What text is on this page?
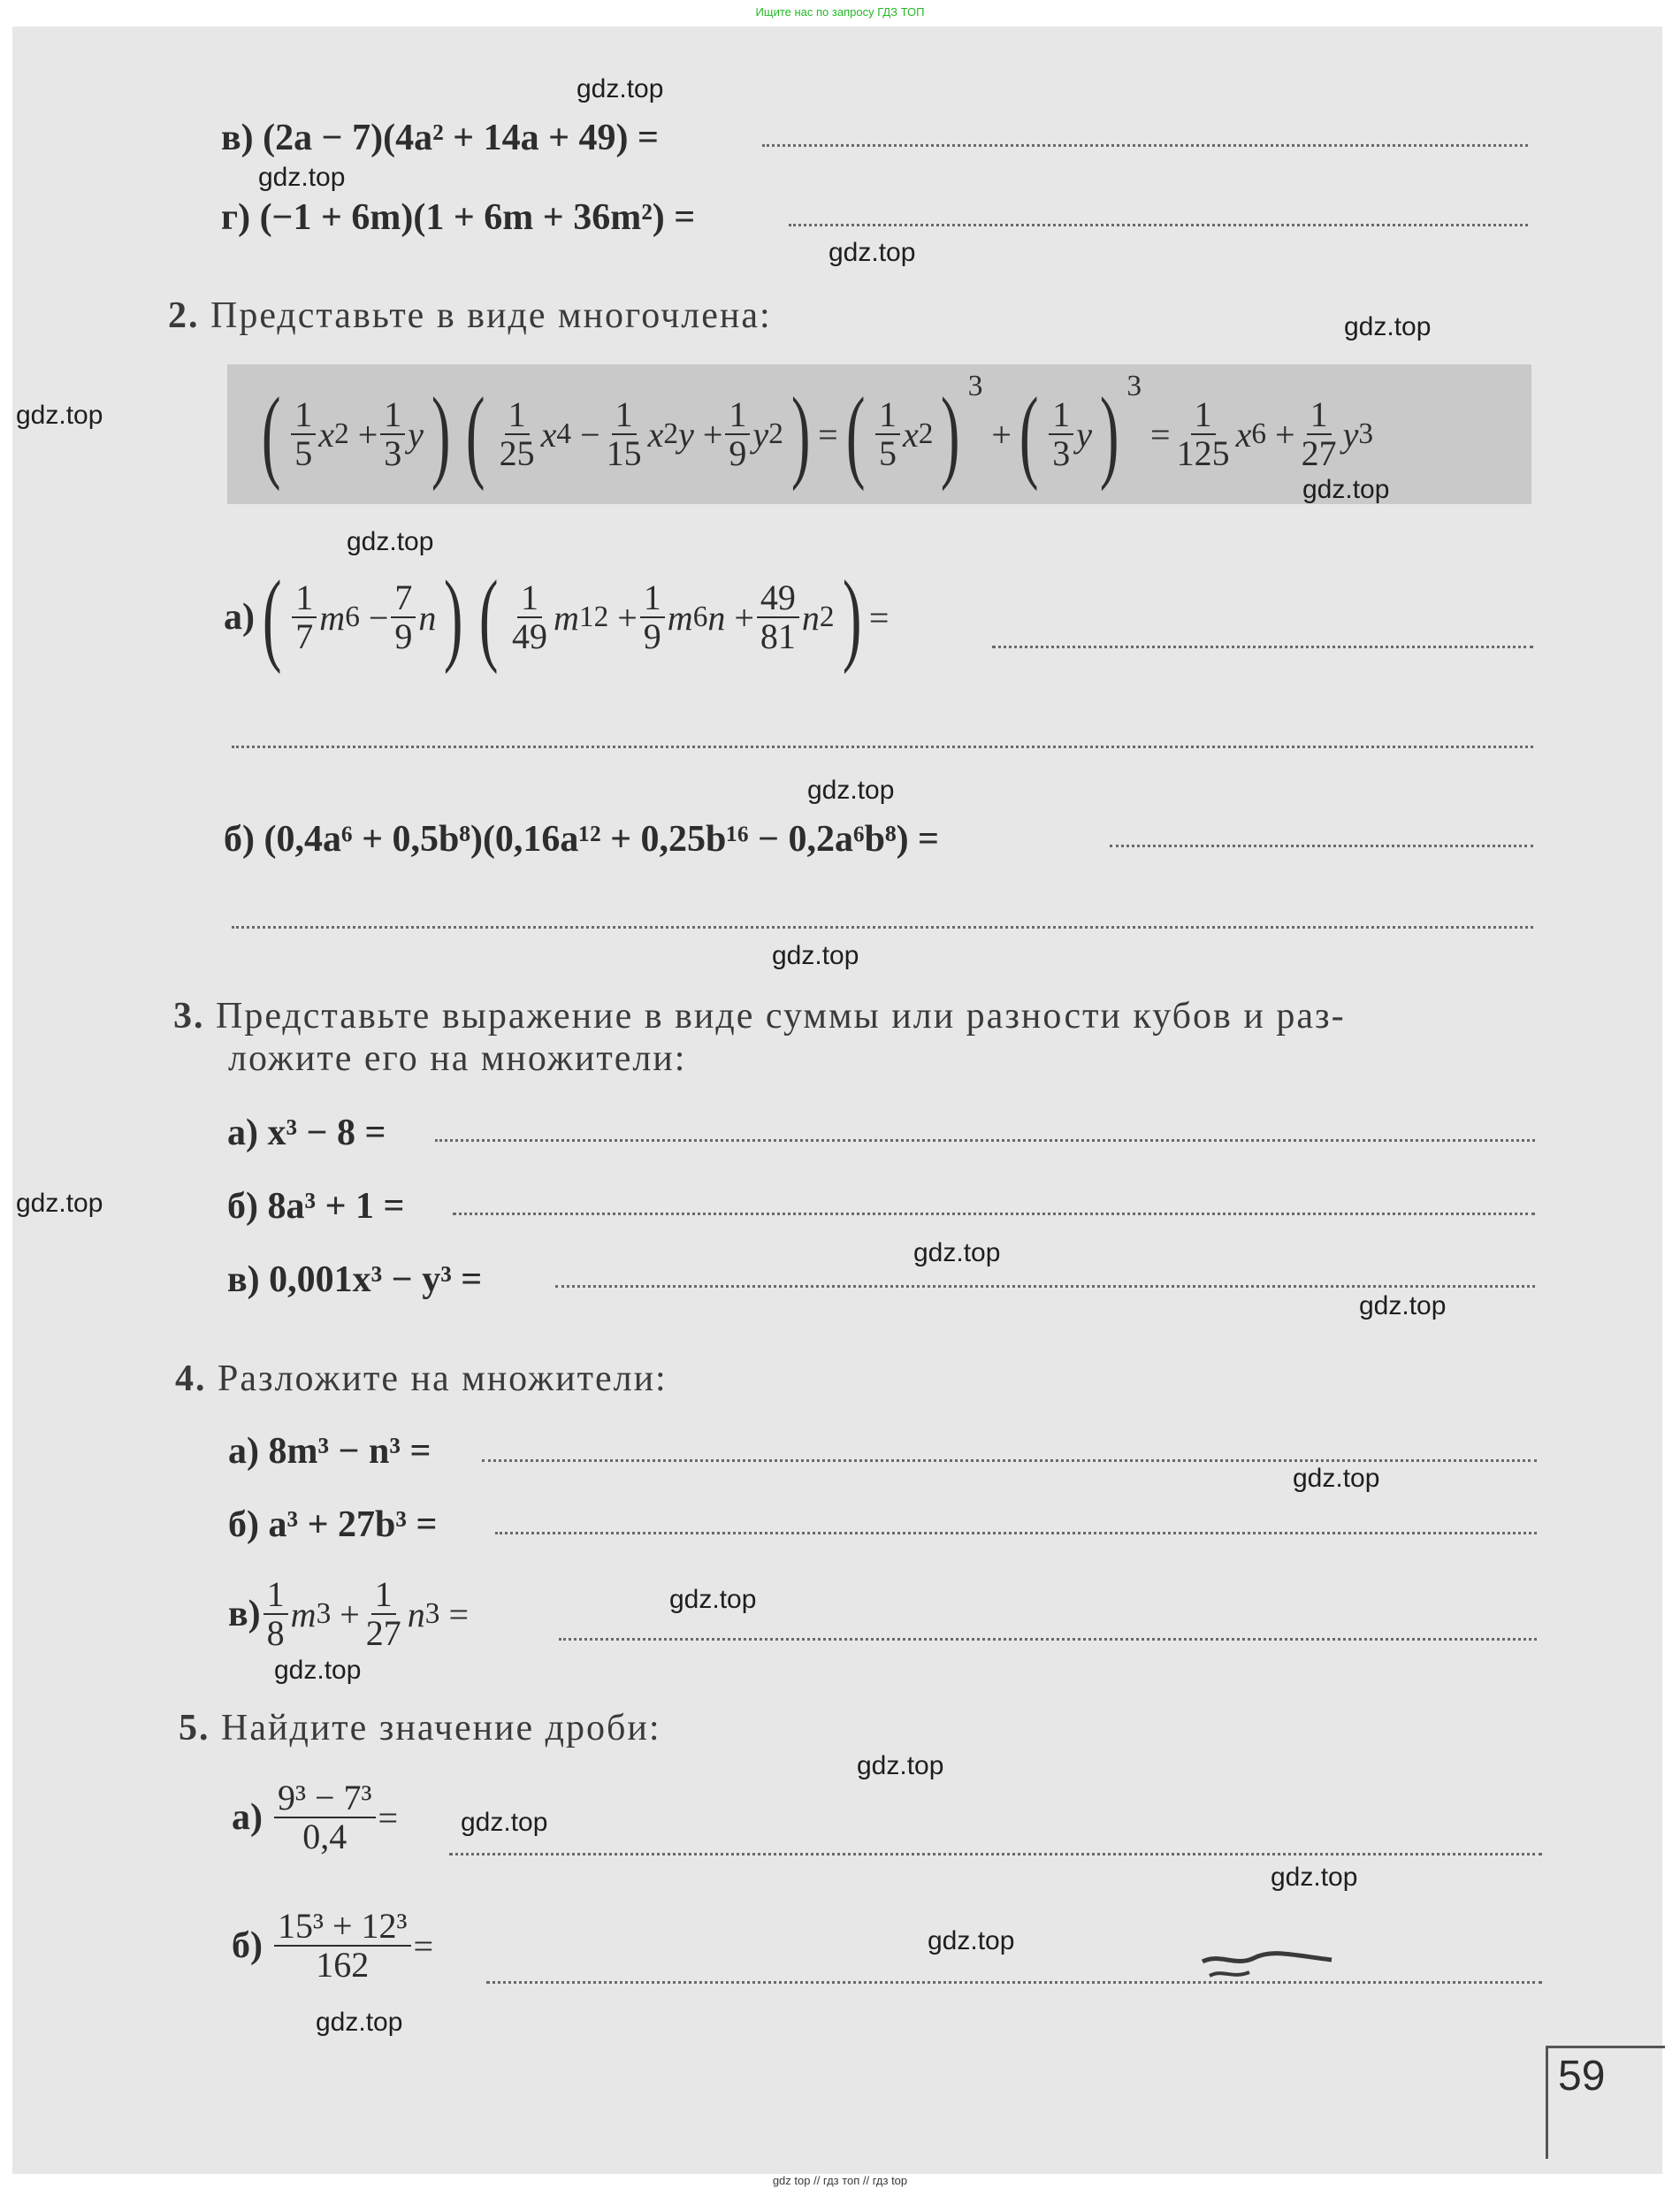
Ищите нас по запросу ГДЗ ТОП
в) (2a − 7)(4a² + 14a + 49) =
г) (−1 + 6m)(1 + 6m + 36m²) =
2. Представьте в виде многочлена:
( $\frac{1}{5}$ x 2
+ $\frac{1}{3}$ y ) ( $\frac{1}{25}$ x 4
− $\frac{1}{15}$ x 2 y
+ $\frac{1}{9}$ y 2 ) = ( $\frac{1}{5}$ x 2 ) $^3$

+ ( $\frac{1}{3}$ y ) $^3$

= $\frac{1}{125}$ x 6
+ $\frac{1}{27}$ y 3
а) ( $\frac{1}{7}$ m 6
− $\frac{7}{9}$ n ) ( $\frac{1}{49}$ m 12
+ $\frac{1}{9}$ m 6 n
+ $\frac{49}{81}$ n 2 ) =
б) (0,4a⁶ + 0,5b⁸)(0,16a¹² + 0,25b¹⁶ − 0,2a⁶b⁸) =
3. Представьте выражение в виде суммы или разности кубов и раз-
ложите его на множители:
а) x³ − 8 =
б) 8a³ + 1 =
в) 0,001x³ − y³ =
4. Разложите на множители:
а) 8m³ − n³ =
б) a³ + 27b³ =
$в) \frac{1}{8}$ m 3
+ $\frac{1}{27}$ n 3
=
5. Найдите значение дроби:
а)
$\frac{\text{9³ − 7³}}{0,4}$ =
б)
$\frac{\text{15³ + 12³}}{162}$ =
59
gdz.top
gdz.top
gdz.top
gdz.top
gdz.top
gdz.top
gdz.top
gdz.top
gdz.top
gdz.top
gdz.top
gdz.top
gdz.top
gdz.top
gdz.top
gdz.top
gdz.top
gdz.top
gdz.top
gdz.top
gdz top // гдз топ // гдз top
